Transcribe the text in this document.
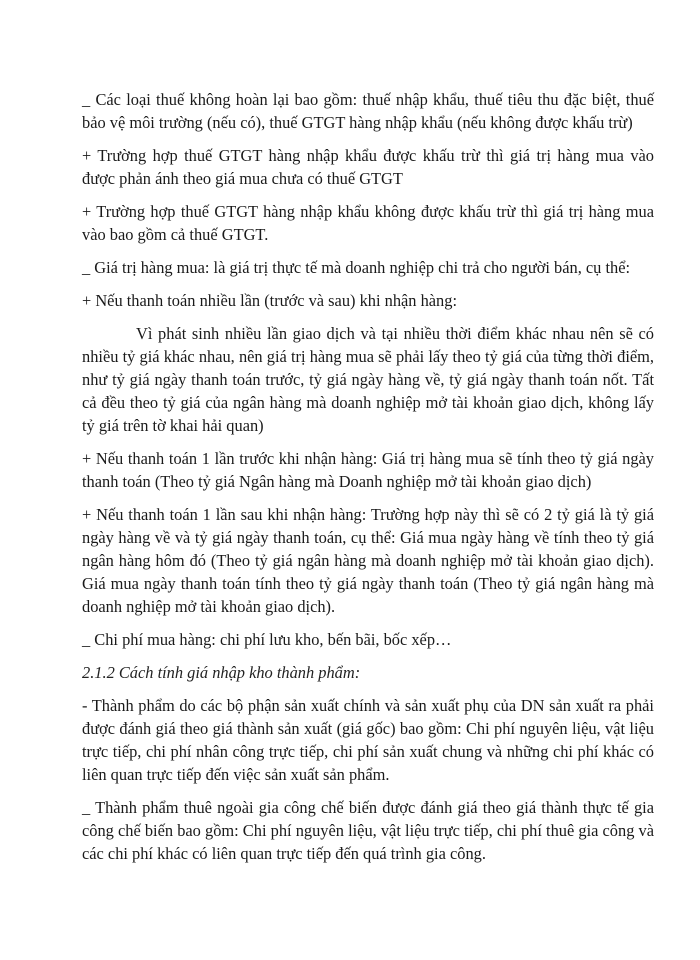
_ Các loại thuế không hoàn lại bao gồm: thuế nhập khẩu, thuế tiêu thu đặc biệt, thuế bảo vệ môi trường (nếu có), thuế GTGT hàng nhập khẩu (nếu không được khấu trừ)

+ Trường hợp thuế GTGT hàng nhập khẩu được khấu trừ thì giá trị hàng mua vào được phản ánh theo giá mua chưa có thuế GTGT

+ Trường hợp thuế GTGT hàng nhập khẩu không được khấu trừ thì giá trị hàng mua vào bao gồm cả thuế GTGT.

_ Giá trị hàng mua: là giá trị thực tế mà doanh nghiệp chi trả cho người bán, cụ thể:

+ Nếu thanh toán nhiều lần (trước và sau) khi nhận hàng:

Vì phát sinh nhiều lần giao dịch và tại nhiều thời điểm khác nhau nên sẽ có nhiều tỷ giá khác nhau, nên giá trị hàng mua sẽ phải lấy theo tỷ giá của từng thời điểm, như tỷ giá ngày thanh toán trước, tỷ giá ngày hàng về, tỷ giá ngày thanh toán nốt. Tất cả đều theo tỷ giá của ngân hàng mà doanh nghiệp mở tài khoản giao dịch, không lấy tỷ giá trên tờ khai hải quan)

+ Nếu thanh toán 1 lần trước khi nhận hàng: Giá trị hàng mua sẽ tính theo tỷ giá ngày thanh toán (Theo tỷ giá Ngân hàng mà Doanh nghiệp mở tài khoản giao dịch)

+ Nếu thanh toán 1 lần sau khi nhận hàng: Trường hợp này thì sẽ có 2 tỷ giá là tỷ giá ngày hàng về và tỷ giá ngày thanh toán, cụ thể: Giá mua ngày hàng về tính theo tỷ giá ngân hàng hôm đó (Theo tỷ giá ngân hàng mà doanh nghiệp mở tài khoản giao dịch). Giá mua ngày thanh toán tính theo tỷ giá ngày thanh toán (Theo tỷ giá ngân hàng mà doanh nghiệp mở tài khoản giao dịch).

_ Chi phí mua hàng: chi phí lưu kho, bến bãi, bốc xếp…

2.1.2 Cách tính giá nhập kho thành phẩm:

- Thành phẩm do các bộ phận sản xuất chính và sản xuất phụ của DN sản xuất ra phải được đánh giá theo giá thành sản xuất (giá gốc) bao gồm: Chi phí nguyên liệu, vật liệu trực tiếp, chi phí nhân công trực tiếp, chi phí sản xuất chung và những chi phí khác có liên quan trực tiếp đến việc sản xuất sản phẩm.

_ Thành phẩm thuê ngoài gia công chế biến được đánh giá theo giá thành thực tế gia công chế biến bao gồm: Chi phí nguyên liệu, vật liệu trực tiếp, chi phí thuê gia công và các chi phí khác có liên quan trực tiếp đến quá trình gia công.
